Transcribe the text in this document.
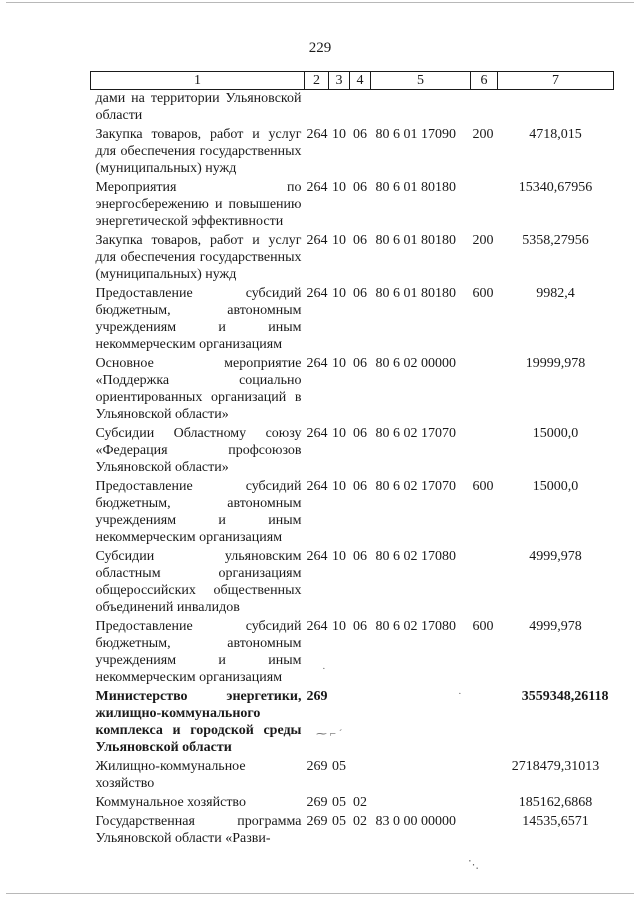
229
1	2	3	4	5	6	7
дами на территории Ульяновской области						
Закупка товаров, работ и услуг для обеспечения государственных (муниципальных) нужд	264	10	06	80 6 01 17090	200	4718,015
Мероприятия по энергосбережению и повышению энергетической эффективности	264	10	06	80 6 01 80180		15340,67956
Закупка товаров, работ и услуг для обеспечения государственных (муниципальных) нужд	264	10	06	80 6 01 80180	200	5358,27956
Предоставление субсидий бюджетным, автономным учреждениям и иным некоммерческим организациям	264	10	06	80 6 01 80180	600	9982,4
Основное мероприятие «Поддержка социально ориентированных организаций в Ульяновской области»	264	10	06	80 6 02 00000		19999,978
Субсидии Областному союзу «Федерация профсоюзов Ульяновской области»	264	10	06	80 6 02 17070		15000,0
Предоставление субсидий бюджетным, автономным учреждениям и иным некоммерческим организациям	264	10	06	80 6 02 17070	600	15000,0
Субсидии ульяновским областным организациям общероссийских общественных объединений инвалидов	264	10	06	80 6 02 17080		4999,978
Предоставление субсидий бюджетным, автономным учреждениям и иным некоммерческим организациям	264	10	06	80 6 02 17080	600	4999,978
Министерство энергетики, жилищно-коммунального комплекса и городской среды Ульяновской области	269					3559348,26118
Жилищно-коммунальное хозяйство	269	05				2718479,31013
Коммунальное хозяйство	269	05	02			185162,6868
Государственная программа Ульяновской области «Разви-	269	05	02	83 0 00 00000		14535,6571
·
·
⁓ ⌐ ´
⋱
